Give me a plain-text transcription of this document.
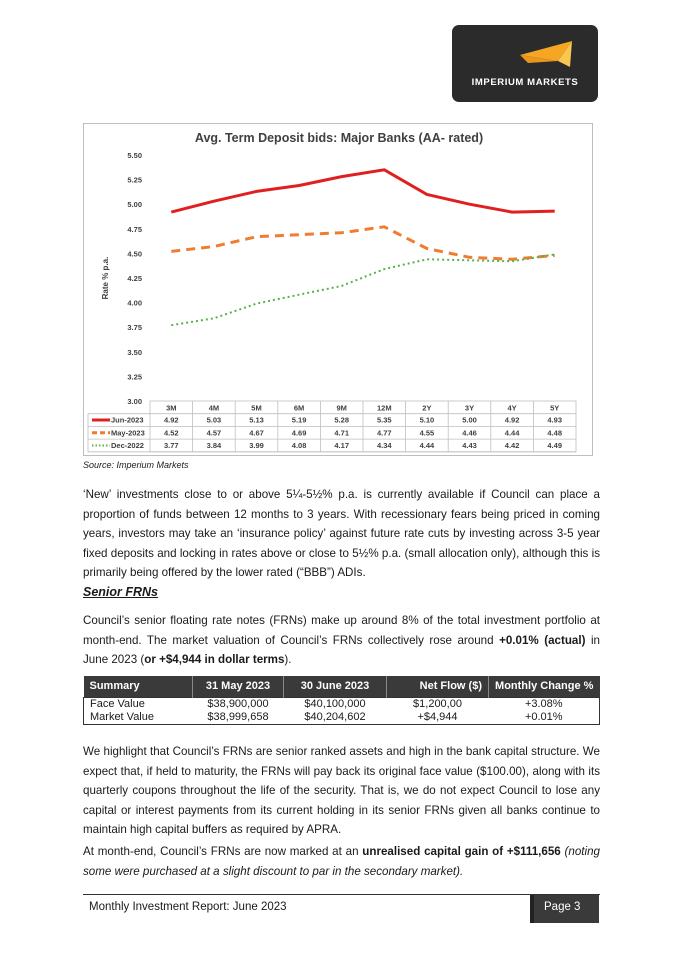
IMPERIUM MARKETS
Avg. Term Deposit bids: Major Banks (AA- rated)
Rate % p.a.
5.50
5.25
5.00
4.75
4.50
4.25
4.00
3.75
3.50
3.25
3.00
3M	4M	5M	6M	9M	12M	2Y	3Y	4Y	5Y
Jun-2023	4.92	5.03	5.13	5.19	5.28	5.35	5.10	5.00	4.92	4.93
May-2023	4.52	4.57	4.67	4.69	4.71	4.77	4.55	4.46	4.44	4.48
Dec-2022	3.77	3.84	3.99	4.08	4.17	4.34	4.44	4.43	4.42	4.49
Source: Imperium Markets
‘New’ investments close to or above 5¼-5½% p.a. is currently available if Council can place a proportion of funds between 12 months to 3 years. With recessionary fears being priced in coming years, investors may take an ‘insurance policy’ against future rate cuts by investing across 3-5 year fixed deposits and locking in rates above or close to 5½% p.a. (small allocation only), although this is primarily being offered by the lower rated (“BBB”) ADIs.
Senior FRNs
Council’s senior floating rate notes (FRNs) make up around 8% of the total investment portfolio at month-end. The market valuation of Council’s FRNs collectively rose around +0.01% (actual) in June 2023 (or +$4,944 in dollar terms).
Summary	31 May 2023	30 June 2023	Net Flow ($)	Monthly Change %
Face Value	$38,900,000	$40,100,000	$1,200,00	+3.08%
Market Value	$38,999,658	$40,204,602	+$4,944	+0.01%
We highlight that Council’s FRNs are senior ranked assets and high in the bank capital structure. We expect that, if held to maturity, the FRNs will pay back its original face value ($100.00), along with its quarterly coupons throughout the life of the security. That is, we do not expect Council to lose any capital or interest payments from its current holding in its senior FRNs given all banks continue to maintain high capital buffers as required by APRA.
At month-end, Council’s FRNs are now marked at an unrealised capital gain of +$111,656 (noting some were purchased at a slight discount to par in the secondary market).
Monthly Investment Report: June 2023	Page 3
